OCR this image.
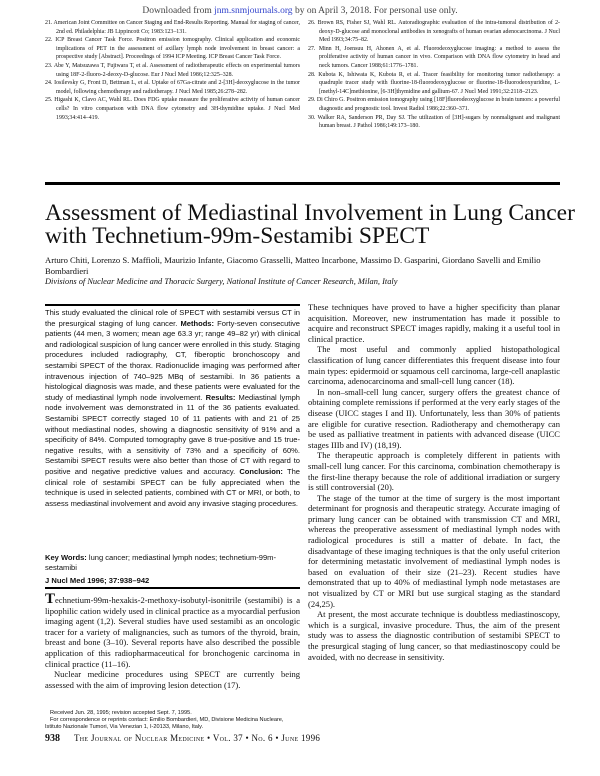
Downloaded from jnm.snmjournals.org by on April 3, 2018. For personal use only.

21. American Joint Committee on Cancer Staging and End-Results Reporting. Manual for staging of cancer, 2nd ed. Philadelphia: JB Lippincott Co; 1983:123–131.

22. ICP Breast Cancer Task Force. Positron emission tomography. Clinical application and economic implications of PET in the assessment of axillary lymph node involvement in breast cancer: a prospective study [Abstract]. Proceedings of 1994 ICP Meeting. ICP Breast Cancer Task Force.

23. Abe Y, Matsuzawa T, Fujiwara T, et al. Assessment of radiotherapeutic effects on experimental tumors using 18F-2-fluoro-2-deoxy-D-glucose. Eur J Nucl Med 1986;12:325–328.

24. Iosilevsky G, Front D, Bettman L, et al. Uptake of 67Ga-citrate and 2-[3H]-deoxyglucose in the tumor model, following chemotherapy and radiotherapy. J Nucl Med 1985;26:278–282.

25. Higashi K, Clavo AC, Wahl RL. Does FDG uptake measure the proliferative activity of human cancer cells? In vitro comparison with DNA flow cytometry and 3H-thymidine uptake. J Nucl Med 1993;34:414–419.

26. Brown RS, Fisher SJ, Wahl RL. Autoradiographic evaluation of the intra-tumoral distribution of 2-deoxy-D-glucose and monoclonal antibodies in xenografts of human ovarian adenocarcinoma. J Nucl Med 1993;34:75–82.

27. Minn H, Joensuu H, Ahonen A, et al. Fluorodeoxyglucose imaging: a method to assess the proliferative activity of human cancer in vivo. Comparison with DNA flow cytometry in head and neck tumors. Cancer 1988;61:1776–1781.

28. Kubota K, Ishiwata K, Kubota R, et al. Tracer feasibility for monitoring tumor radiotherapy: a quadruple tracer study with fluorine-18-fluorodeoxyglucose or fluorine-18-fluorodeoxyuridine, L-[methyl-14C]methionine, [6-3H]thymidine and gallium-67. J Nucl Med 1991;32:2118–2123.

29. Di Chiro G. Positron emission tomography using [18F]fluorodeoxyglucose in brain tumors: a powerful diagnostic and prognostic tool. Invest Radiol 1986;22:360–371.

30. Walker RA, Sanderson PR, Day SJ. The utilization of [3H]-sugars by nonmalignant and malignant human breast. J Pathol 1986;149:173–180.

Assessment of Mediastinal Involvement in Lung Cancer with Technetium-99m-Sestamibi SPECT
Arturo Chiti, Lorenzo S. Maffioli, Maurizio Infante, Giacomo Grasselli, Matteo Incarbone, Massimo D. Gasparini, Giordano Savelli and Emilio Bombardieri
Divisions of Nuclear Medicine and Thoracic Surgery, National Institute of Cancer Research, Milan, Italy
This study evaluated the clinical role of SPECT with sestamibi versus CT in the presurgical staging of lung cancer. Methods: Forty-seven consecutive patients (44 men, 3 women; mean age 63.3 yr; range 49–82 yr) with clinical and radiological suspicion of lung cancer were enrolled in this study. Staging procedures included radiography, CT, fiberoptic bronchoscopy and sestamibi SPECT of the thorax. Radionuclide imaging was performed after intravenous injection of 740–925 MBq of sestamibi. In 36 patients a histological diagnosis was made, and these patients were evaluated for the study of mediastinal lymph node involvement. Results: Mediastinal lymph node involvement was demonstrated in 11 of the 36 patients evaluated. Sestamibi SPECT correctly staged 10 of 11 patients with and 21 of 25 without mediastinal nodes, showing a diagnostic sensitivity of 91% and a specificity of 84%. Computed tomography gave 8 true-positive and 15 true-negative results, with a sensitivity of 73% and a specificity of 60%. Sestamibi SPECT results were also better than those of CT with regard to positive and negative predictive values and accuracy. Conclusion: The clinical role of sestamibi SPECT can be fully appreciated when the technique is used in selected patients, combined with CT or MRI, or both, to assess mediastinal involvement and avoid any invasive staging procedures.
Key Words: lung cancer; mediastinal lymph nodes; technetium-99m-sestamibi
J Nucl Med 1996; 37:938–942

Technetium-99m-hexakis-2-methoxy-isobutyl-isonitrile (sestamibi) is a lipophilic cation widely used in clinical practice as a myocardial perfusion imaging agent (1,2). Several studies have used sestamibi as an oncologic tracer for a variety of malignancies, such as tumors of the thyroid, brain, breast and bone (3–10). Several reports have also described the possible application of this radiopharmaceutical for bronchogenic carcinoma in clinical practice (11–16).

Nuclear medicine procedures using SPECT are currently being assessed with the aim of improving lesion detection (17).

Received Jun. 28, 1995; revision accepted Sept. 7, 1995.
For correspondence or reprints contact: Emilio Bombardieri, MD, Divisione Medicina Nucleare, Istituto Nazionale Tumori, Via Venezian 1, I-20133, Milano, Italy.

These techniques have proved to have a higher specificity than planar acquisition. Moreover, new instrumentation has made it possible to acquire and reconstruct SPECT images rapidly, making it a useful tool in clinical practice.

The most useful and commonly applied histopathological classification of lung cancer differentiates this frequent disease into four main types: epidermoid or squamous cell carcinoma, large-cell anaplastic carcinoma, adenocarcinoma and small-cell lung cancer (18).

In non–small-cell lung cancer, surgery offers the greatest chance of obtaining complete remissions if performed at the very early stages of the disease (UICC stages I and II). Unfortunately, less than 30% of patients are eligible for curative resection. Radiotherapy and chemotherapy can be used as palliative treatment in patients with advanced disease (UICC stages IIIb and IV) (18,19).

The therapeutic approach is completely different in patients with small-cell lung cancer. For this carcinoma, combination chemotherapy is the first-line therapy because the role of additional irradiation or surgery is still controversial (20).

The stage of the tumor at the time of surgery is the most important determinant for prognosis and therapeutic strategy. Accurate imaging of primary lung cancer can be obtained with transmission CT and MRI, whereas the preoperative assessment of mediastinal lymph nodes with radiological procedures is still a matter of debate. In fact, the disadvantage of these imaging techniques is that the only useful criterion for determining metastatic involvement of mediastinal lymph nodes is based on evaluation of their size (21–23). Recent studies have demonstrated that up to 40% of mediastinal lymph node metastases are not visualized by CT or MRI but use surgical staging as the standard (24,25).

At present, the most accurate technique is doubtless mediastinoscopy, which is a surgical, invasive procedure. Thus, the aim of the present study was to assess the diagnostic contribution of sestamibi SPECT to the presurgical staging of lung cancer, so that mediastinoscopy could be avoided, with no decrease in sensitivity.

938 The Journal of Nuclear Medicine • Vol. 37 • No. 6 • June 1996
